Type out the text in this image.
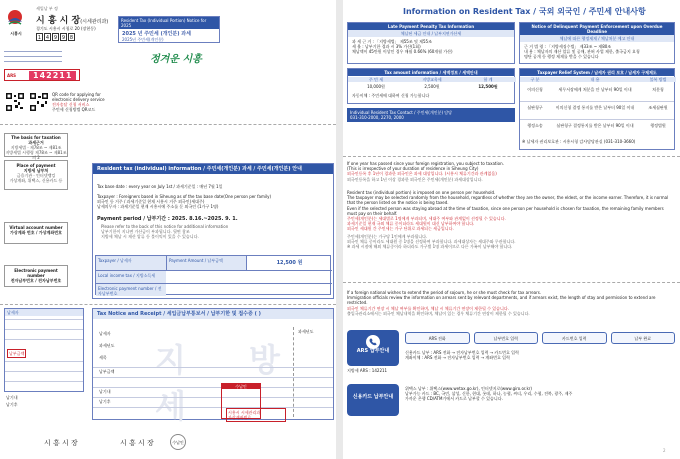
시흥시
세입납 부 정
시 흥 시 장(시세관리과)
경기도 시흥시 시청로 20 (장현동)
1 4 9 9 8
Resident Tax (Individual Portion) Notice for 2025
2025 년 주민세 (개인분) 과세
2025년 주민세(개인분)
정겨운 시흥
ARS	142211
QR code for applying for electronic delivery service
전자송달 신청 서비스
주민세 신청방법 QR코드
The basis for taxation
과세근거
지방세법 · 제78조 ~ 제81조
지방세법 시행령 제78조 ~ 제81조의 2
Place of payment
지방세 납부처
금융기관 · 인터넷뱅킹
가상계좌, 위택스, 신용카드 등
Virtual account number
가상계좌 번호 / 가상계좌번호
Electronic payment number
전자납부번호 / 전자납부번호
Resident tax (individual) information / 주민세(개인분) 과세 / 주민세(개인분) 안내
Tax base date : every year on July 1st / 과세기준일 : 매년 7월 1일
Taxpayer : Foreigners based in Siheung as of the tax base date(One person per family)
외국인 등 거주 / 과세기준일 현재 시흥시 거주 외국인(세대주)
납세의무자 : 과세기준일 현재 시흥시에 주소를 둔 외국인 (1가구 1명)
Payment period / 납부기간 : 2025. 8.16.~2025. 9. 1.
Please refer to the back of this notice for additional information
납부기한이 지나면 가산금이 부과됩니다. 뒷면 참조
지방세 체납 시 재산 압류 등 불이익이 있을 수 있습니다.
Taxpayer / 납세자	Payment Amount / 납부금액	12,500 원
Local income tax / 지방소득세
Electronic payment number / 전자납부번호
납세자
납부금액
납기내
납기후
Tax Notice and Receipt / 세입금납부통보서 / 납부기한 및 접수증 ( )
지 방 세
납세자
과세년도
세목
납부금액
납기내
납기후
수납인
과세년도
시흥시 시세관리과
가상계좌번호
시 흥 시 장	시 흥 시 장	수납인
Information on Resident Tax / 국외 외국인 / 주민세 안내사항
Late Payment Penalty Tax Information
체납된 세금 안내 / 납부지연가산세
과 세 근 거 : 「지방세법」 제55조 및 제55조
세 율 : 납부기한 경과 시 3% 가산(1회)
체납액이 45만원 이상인 경우 매월 0.66% (60개월 가산)
Notice of Delinquent Payment Enforcement upon Overdue Deadline
체납에 따른 행정제재 / 체납처분 예고 안내
근 거 법 령 : 「지방세징수법」 제33조 ~ 제80조
내 용 : 체납자의 재산 압류 및 공매, 관허 사업 제한, 출국금지 요청
명단 공개 등 행정 제재를 받을 수 있습니다
Tax amount information / 세액정보 / 세액안내
주 민 세	지방교육세	합 계
10,000원	2,500원	12,500원
자동이체 : 주민세에 대하여 신청 가능합니다
Individual Resident Tax Contact / 주민세(개인분) 담당
031-310-2000, 2270, 2000
Taxpayer Relief System / 납세자 권리 보호 / 납세자 구제제도
구 분	내 용	불복 방법
이의신청	세무서장에게 처분을 안 날부터 90일 이내	처분청
심판청구	이의신청 결정 통지를 받은 날부터 90일 이내	조세심판원
행정소송	심판청구 결정통지를 받은 날부터 90일 이내	행정법원
※ 납세자 권리보호관 : 시흥시청 감사담당관실 (031-310-3660)
If one year has passed since your foreign registration, you subject to taxation.
(This is irrespective of your duration of residence in Siheung City)
외국인등록 후 1년이 경과한 외국인은 과세 대상입니다. (시흥시 체류기간과 관계없음)
외국인등록을 하고 1년 이상 경과한 외국인은 주민세(개인분) 과세대상입니다.
Resident tax (individual portion) is imposed on one person per household.
The taxpayer may be selected randomly from the household, regardless of whether they are the owner, the eldest, or the income earner. Therefore, it is normal that the person listed on the notice is being taxed.
Even if the selected person was staying abroad at the time of taxation, since one person per household is chosen for taxation, the remaining family members must pay on their behalf.
주민세(개인분)는 세대별로 1명에게 부과되며, 세대주 여부와 관계없이 선정될 수 있습니다.
과세기준일 현재 국외 체류 중이더라도 세대원이 대신 납부하여야 합니다.
외국인 세대원 간 주민세는 가구 단위로 과세되는 세금입니다.
주민세(개인분)는 가구당 1인에게 부과됩니다.
외국인 체류 중이라도 세대원 중 1명을 선정하여 부과합니다. 과세대상자는 세대주와 무관합니다.
※ 과세 시점에 해외 체류중이라 하더라도 가구별 1명 과세이므로 다른 가족이 납부해야 합니다.
If a foreign national wishes to extend the period of sojourn, he or she must check for tax arrears.
Immigration officials review the information on arrears sent by relevant departments, and if arrears exist, the length of stay and permission to extend are restricted.
외국인 체류기간 연장 시 체납 여부를 확인하며, 체납 시 체류기간 연장이 제한될 수 있습니다.
출입국관리소에서는 외국인 체납내역을 확인하며, 체납이 있는 경우 체류기간 연장이 제한될 수 있습니다.
ARS 납부안내
지방세 ARS : 142211
ARS 전화	납부번호 입력	카드번호 입력	납부 완료
신용카드 납부 : ARS 전화 → 전자납부번호 입력 → 카드번호 입력
계좌이체 : ARS 전화 → 전자납부번호 입력 → 계좌번호 입력
신용카드 납부안내
위택스 납부 : 위택스(www.wetax.go.kr), 인터넷지로(www.giro.or.kr)
납부가능 카드 : BC, 국민, 삼성, 신한, 현대, 롯데, 하나, 농협, 씨티, 우리, 수협, 전북, 광주, 제주
가까운 은행 CD/ATM기에서 카드로 납부할 수 있습니다.
2
